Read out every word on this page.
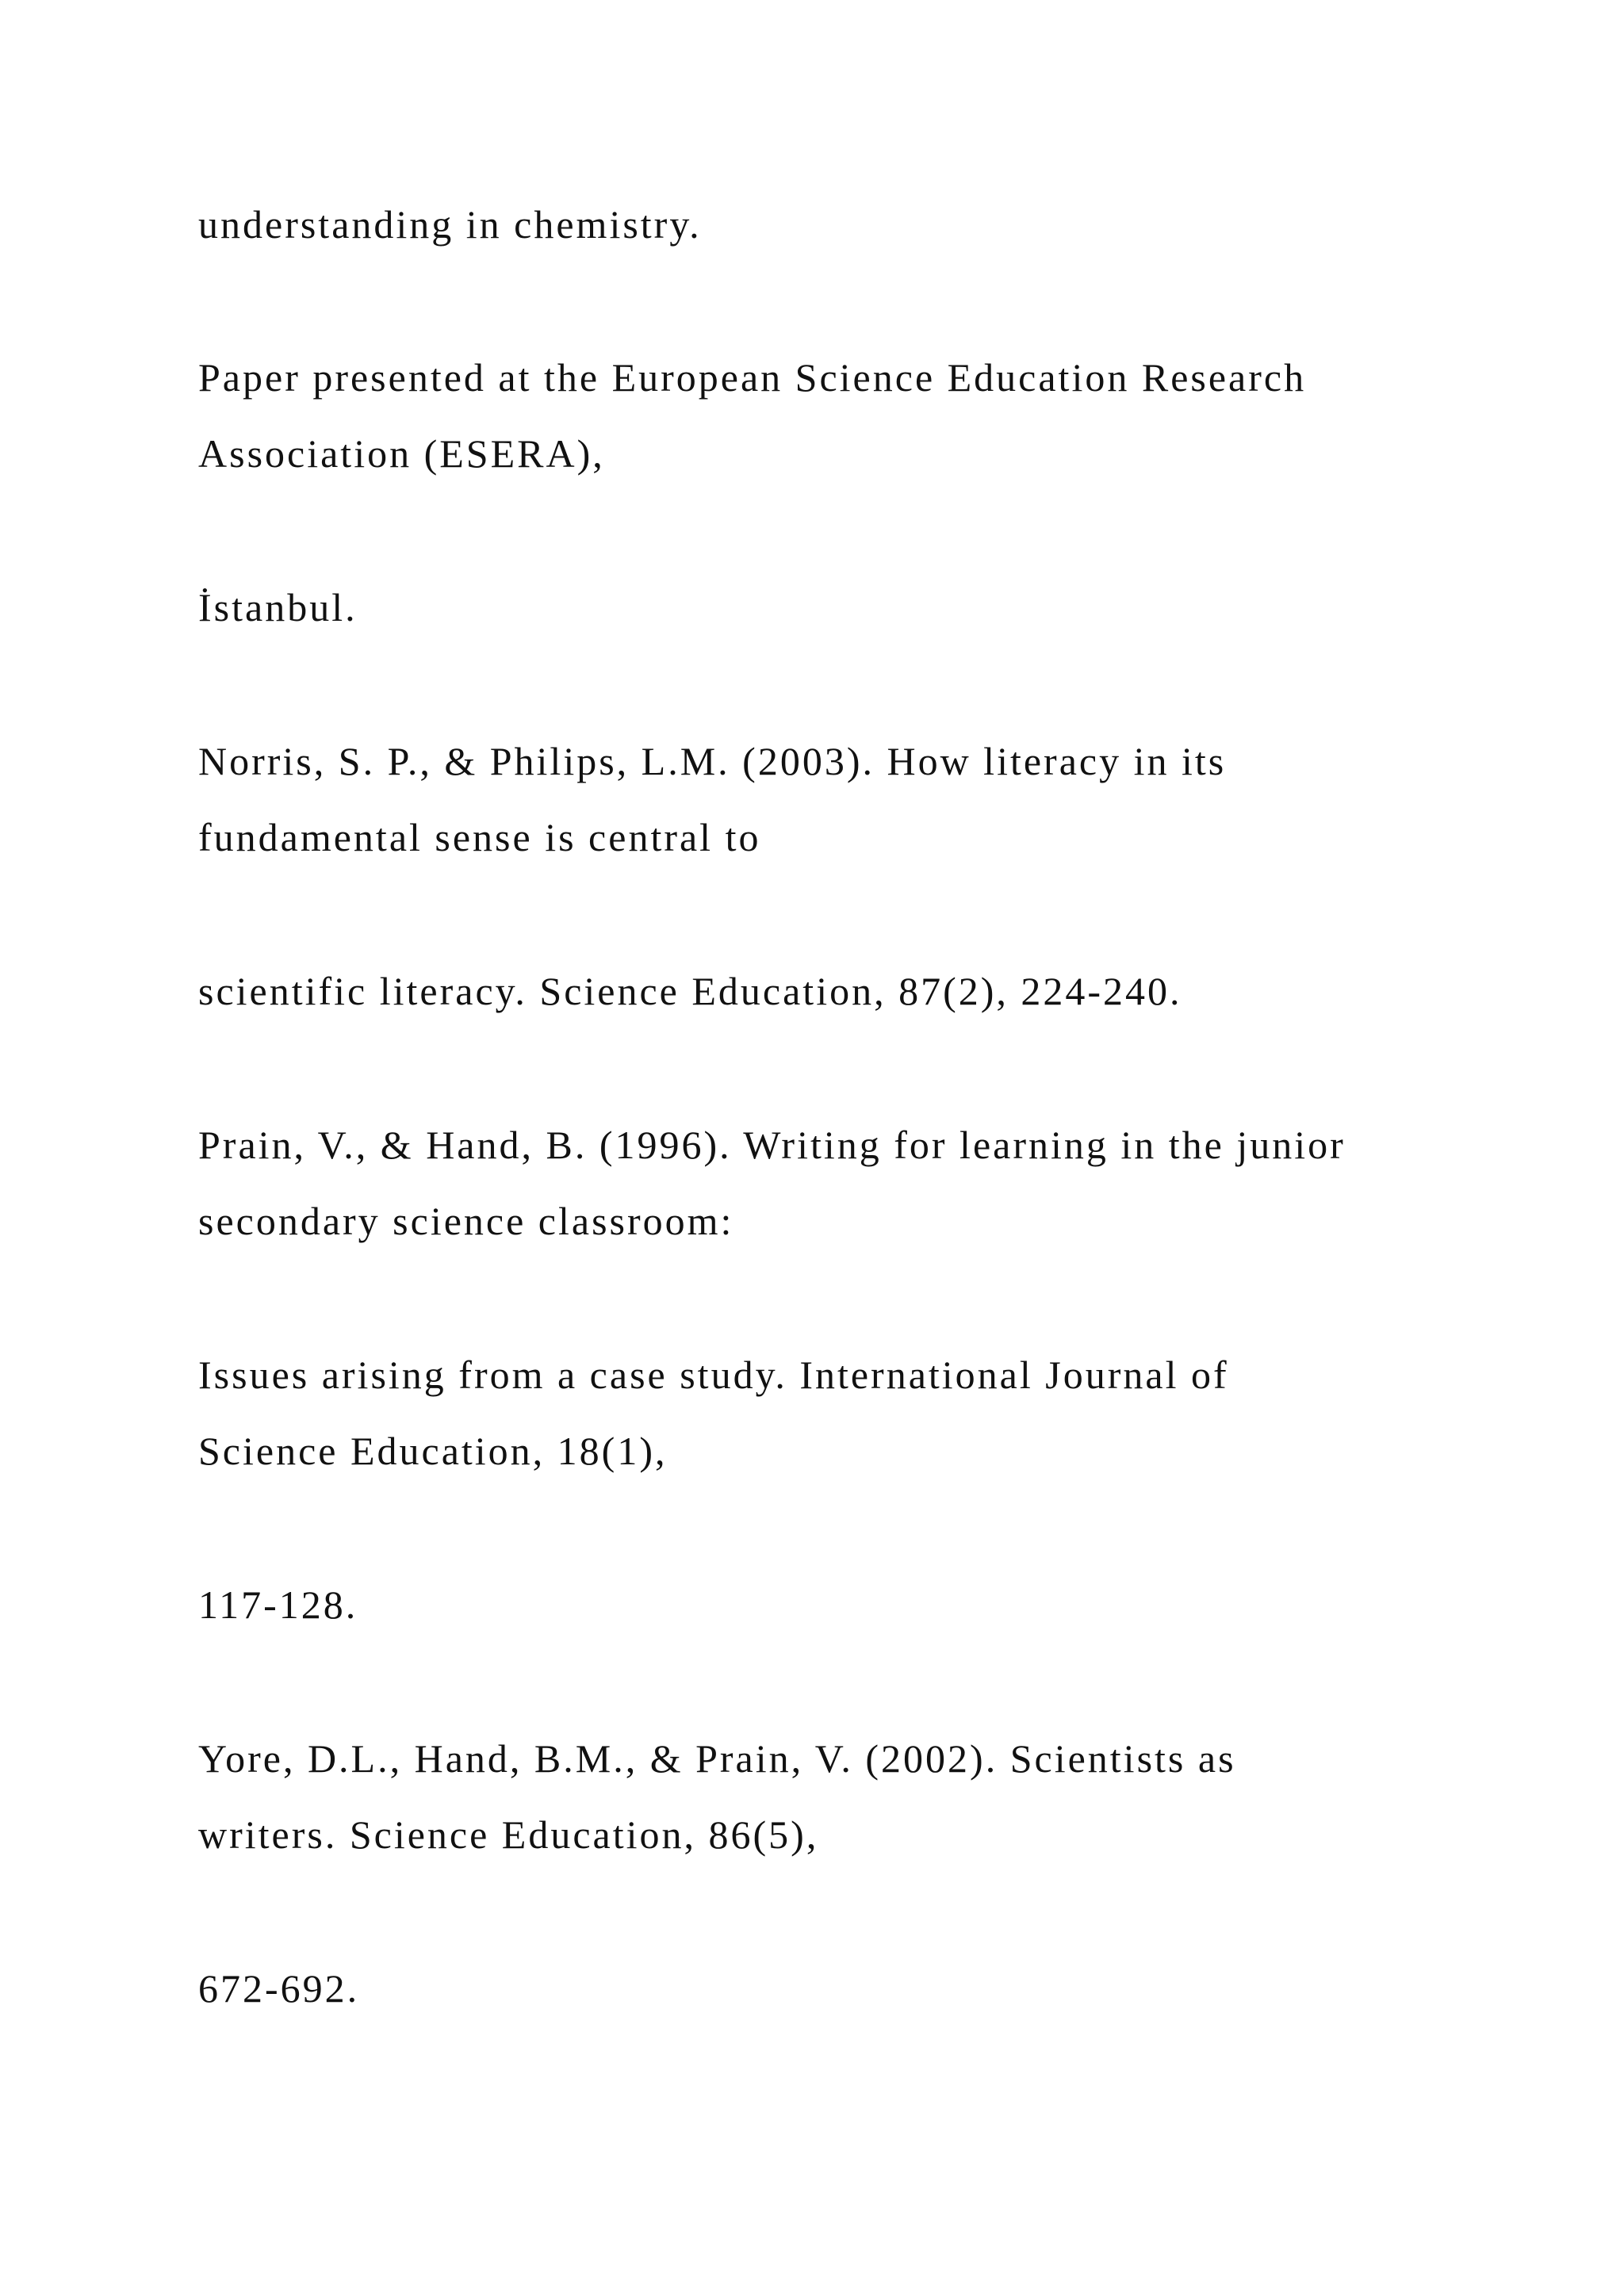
understanding in chemistry.
Paper presented at the European Science Education Research
Association (ESERA),
İstanbul.
Norris, S. P., & Philips, L.M. (2003). How literacy in its
fundamental sense is central to
scientific literacy. Science Education, 87(2), 224-240.
Prain, V., & Hand, B. (1996). Writing for learning in the junior
secondary science classroom:
Issues arising from a case study. International Journal of
Science Education, 18(1),
117-128.
Yore, D.L., Hand, B.M., & Prain, V. (2002). Scientists as
writers. Science Education, 86(5),
672-692.
